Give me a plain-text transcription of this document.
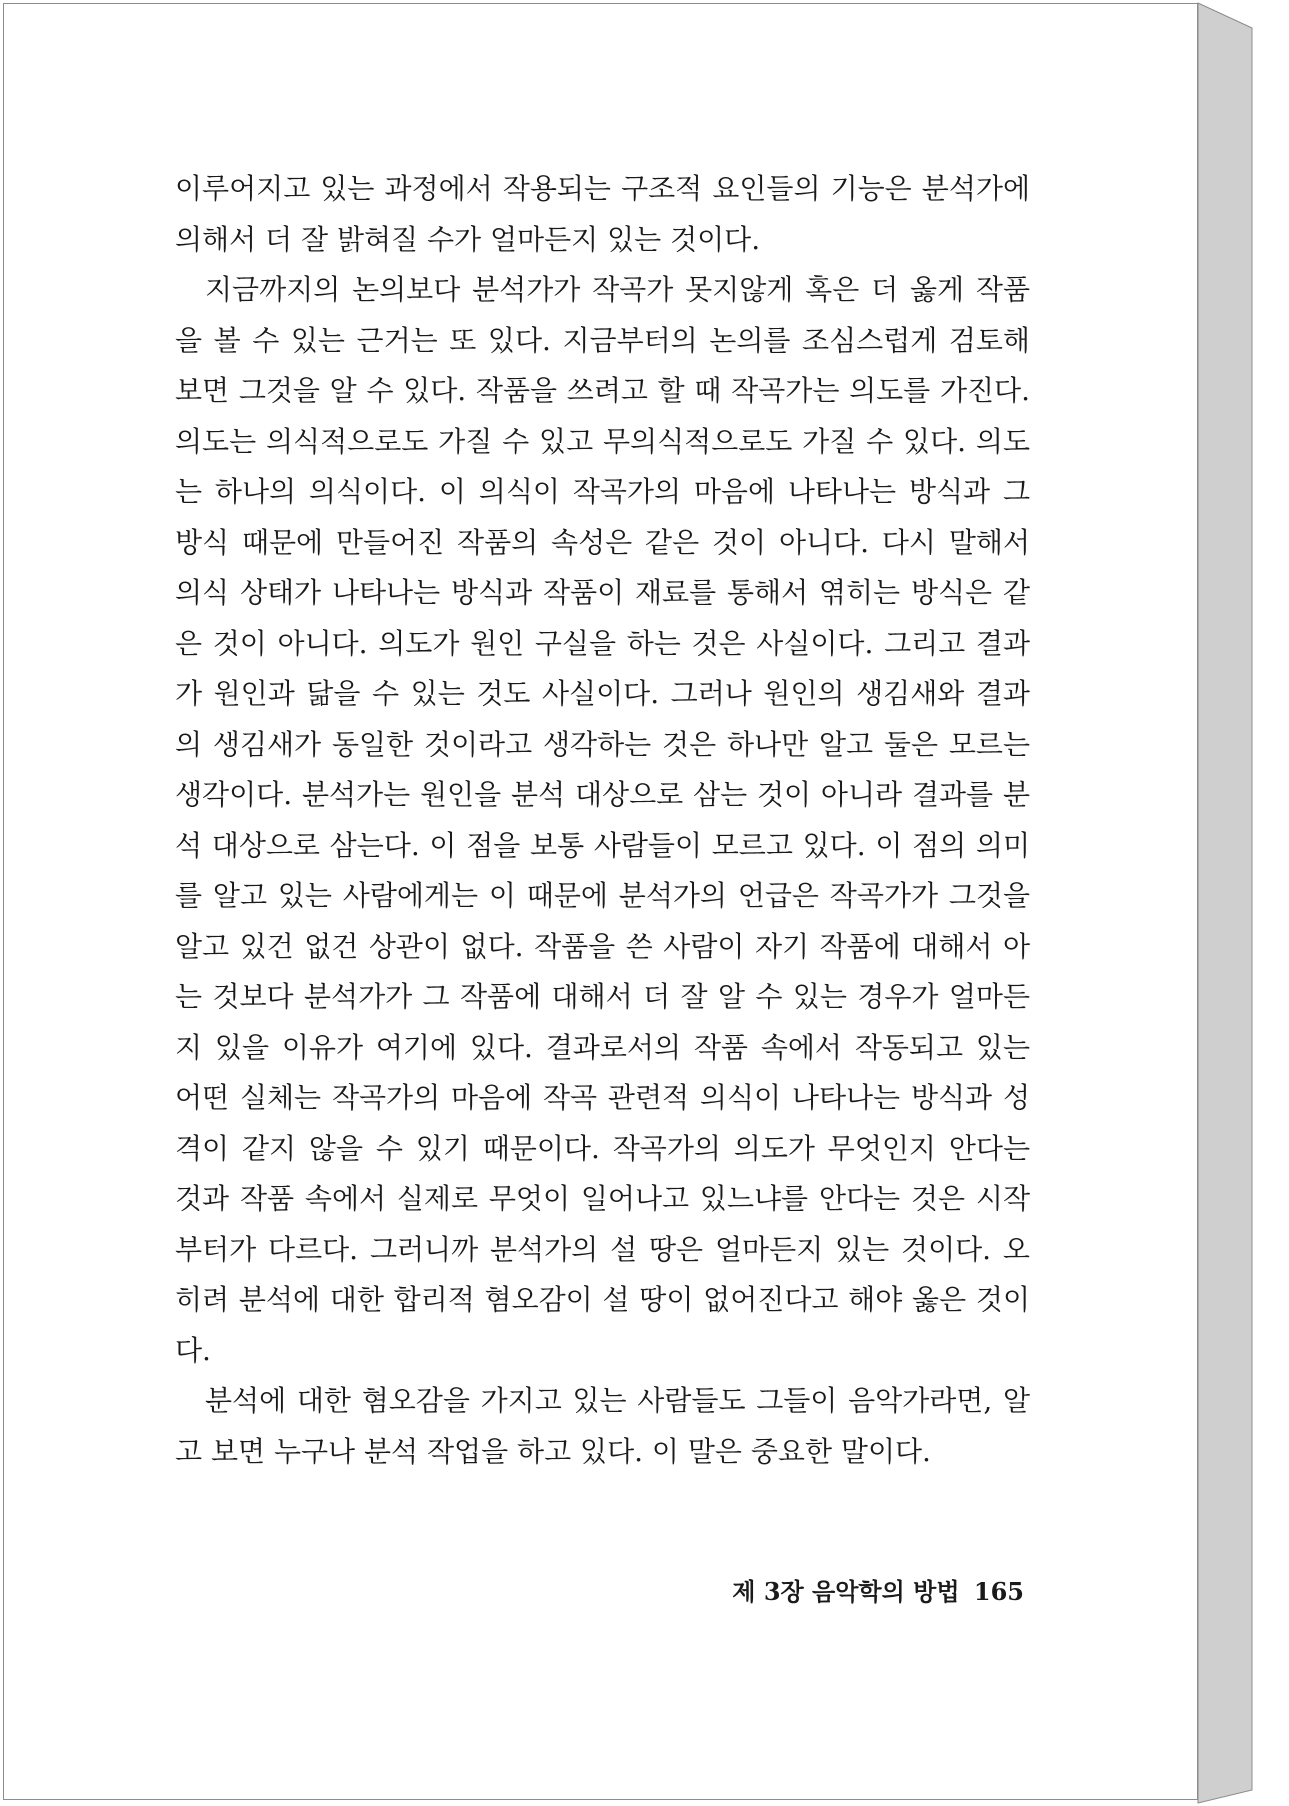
이루어지고 있는 과정에서 작용되는 구조적 요인들의 기능은 분석가에 의해서 더 잘 밝혀질 수가 얼마든지 있는 것이다.

지금까지의 논의보다 분석가가 작곡가 못지않게 혹은 더 옳게 작품을 볼 수 있는 근거는 또 있다. 지금부터의 논의를 조심스럽게 검토해 보면 그것을 알 수 있다. 작품을 쓰려고 할 때 작곡가는 의도를 가진다. 의도는 의식적으로도 가질 수 있고 무의식적으로도 가질 수 있다. 의도는 하나의 의식이다. 이 의식이 작곡가의 마음에 나타나는 방식과 그 방식 때문에 만들어진 작품의 속성은 같은 것이 아니다. 다시 말해서 의식 상태가 나타나는 방식과 작품이 재료를 통해서 엮히는 방식은 같은 것이 아니다. 의도가 원인 구실을 하는 것은 사실이다. 그리고 결과가 원인과 닮을 수 있는 것도 사실이다. 그러나 원인의 생김새와 결과의 생김새가 동일한 것이라고 생각하는 것은 하나만 알고 둘은 모르는 생각이다. 분석가는 원인을 분석 대상으로 삼는 것이 아니라 결과를 분석 대상으로 삼는다. 이 점을 보통 사람들이 모르고 있다. 이 점의 의미를 알고 있는 사람에게는 이 때문에 분석가의 언급은 작곡가가 그것을 알고 있건 없건 상관이 없다. 작품을 쓴 사람이 자기 작품에 대해서 아는 것보다 분석가가 그 작품에 대해서 더 잘 알 수 있는 경우가 얼마든지 있을 이유가 여기에 있다. 결과로서의 작품 속에서 작동되고 있는 어떤 실체는 작곡가의 마음에 작곡 관련적 의식이 나타나는 방식과 성격이 같지 않을 수 있기 때문이다. 작곡가의 의도가 무엇인지 안다는 것과 작품 속에서 실제로 무엇이 일어나고 있느냐를 안다는 것은 시작부터가 다르다. 그러니까 분석가의 설 땅은 얼마든지 있는 것이다. 오히려 분석에 대한 합리적 혐오감이 설 땅이 없어진다고 해야 옳은 것이다.

분석에 대한 혐오감을 가지고 있는 사람들도 그들이 음악가라면, 알고 보면 누구나 분석 작업을 하고 있다. 이 말은 중요한 말이다.

제 3장 음악학의 방법 165
